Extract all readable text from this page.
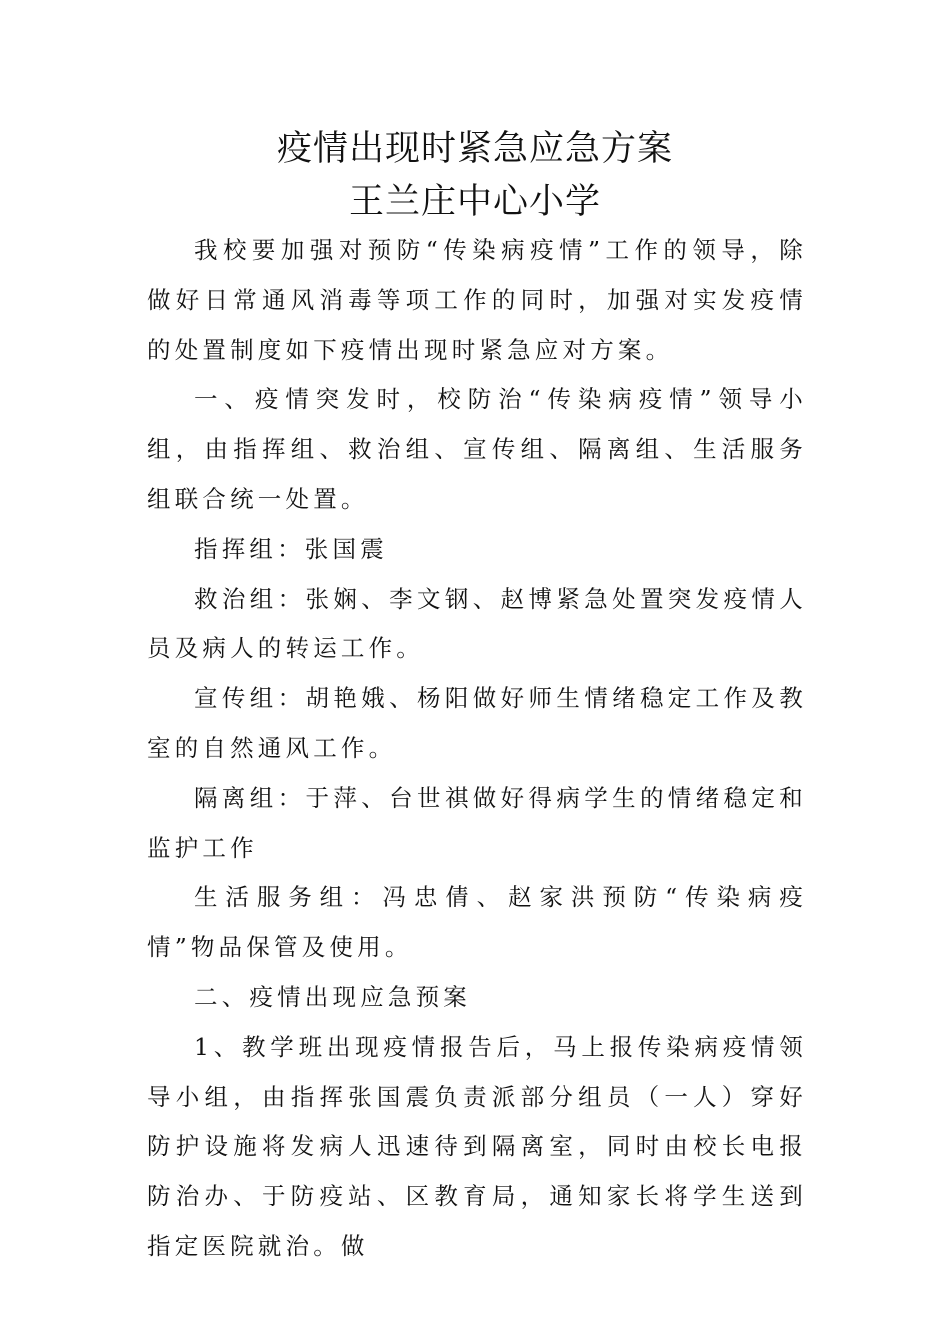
疫情出现时紧急应急方案
王兰庄中心小学

我校要加强对预防“传染病疫情”工作的领导，除做好日常通风消毒等项工作的同时，加强对实发疫情的处置制度如下疫情出现时紧急应对方案。

一、疫情突发时，校防治“传染病疫情”领导小组，由指挥组、救治组、宣传组、隔离组、生活服务组联合统一处置。

指挥组：张国震

救治组：张娴、李文钢、赵博紧急处置突发疫情人员及病人的转运工作。

宣传组：胡艳娥、杨阳做好师生情绪稳定工作及教室的自然通风工作。

隔离组：于萍、台世祺做好得病学生的情绪稳定和监护工作

生活服务组：冯忠倩、赵家洪预防“传染病疫情”物品保管及使用。

二、疫情出现应急预案

1、教学班出现疫情报告后，马上报传染病疫情领导小组，由指挥张国震负责派部分组员（一人）穿好防护设施将发病人迅速待到隔离室，同时由校长电报防治办、于防疫站、区教育局，通知家长将学生送到指定医院就治。做
